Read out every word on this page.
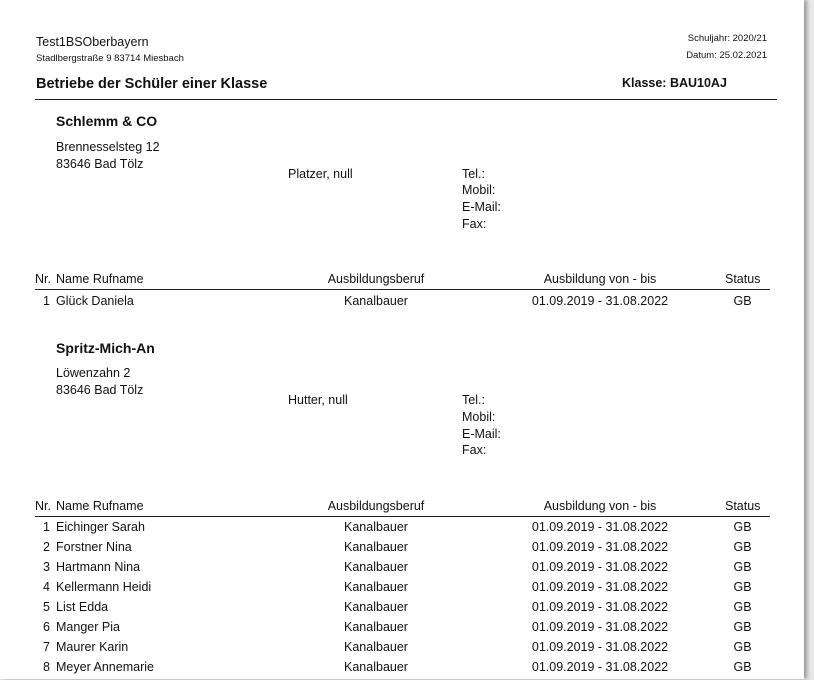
Test1BSOberbayern
Stadlbergstraße 9 83714 Miesbach
Schuljahr: 2020/21
Datum: 25.02.2021
Betriebe der Schüler einer Klasse	Klasse: BAU10AJ
Schlemm & CO
Brennesselsteg 12
83646 Bad Tölz
Platzer, null	Tel.:
Mobil:
E-Mail:
Fax:
Nr. Name Rufname	Ausbildungsberuf	Ausbildung von - bis	Status
1 Glück Daniela	Kanalbauer	01.09.2019 - 31.08.2022	GB
Spritz-Mich-An
Löwenzahn 2
83646 Bad Tölz
Hutter, null	Tel.:
Mobil:
E-Mail:
Fax:
Nr. Name Rufname	Ausbildungsberuf	Ausbildung von - bis	Status
1 Eichinger Sarah	Kanalbauer	01.09.2019 - 31.08.2022	GB
2 Forstner Nina	Kanalbauer	01.09.2019 - 31.08.2022	GB
3 Hartmann Nina	Kanalbauer	01.09.2019 - 31.08.2022	GB
4 Kellermann Heidi	Kanalbauer	01.09.2019 - 31.08.2022	GB
5 List Edda	Kanalbauer	01.09.2019 - 31.08.2022	GB
6 Manger Pia	Kanalbauer	01.09.2019 - 31.08.2022	GB
7 Maurer Karin	Kanalbauer	01.09.2019 - 31.08.2022	GB
8 Meyer Annemarie	Kanalbauer	01.09.2019 - 31.08.2022	GB
